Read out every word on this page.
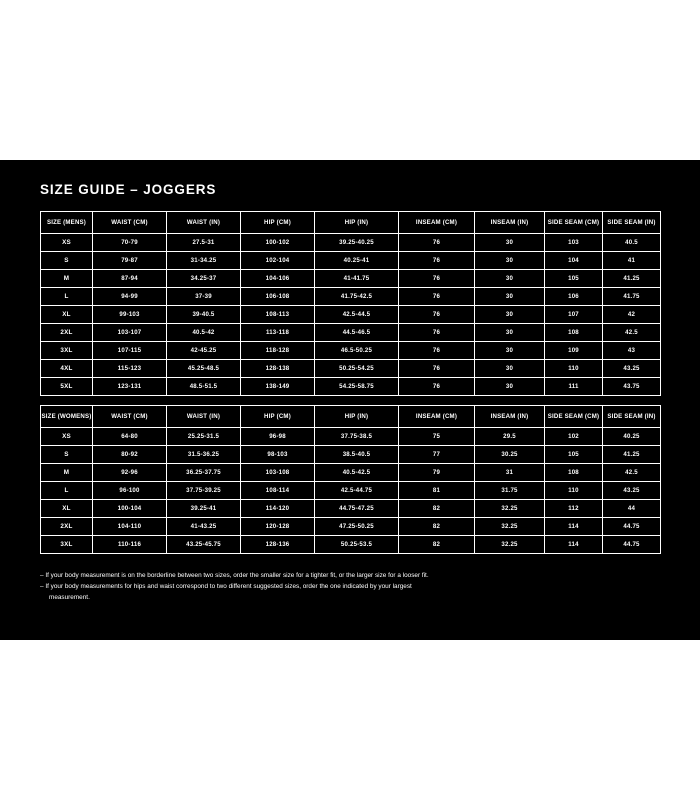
SIZE GUIDE – JOGGERS
SIZE (MENS)	WAIST (CM)	WAIST (IN)	HIP (CM)	HIP (IN)	INSEAM (CM)	INSEAM (IN)	SIDE SEAM (CM)	SIDE SEAM (IN)
XS	70-79	27.5-31	100-102	39.25-40.25	76	30	103	40.5
S	79-87	31-34.25	102-104	40.25-41	76	30	104	41
M	87-94	34.25-37	104-106	41-41.75	76	30	105	41.25
L	94-99	37-39	106-108	41.75-42.5	76	30	106	41.75
XL	99-103	39-40.5	108-113	42.5-44.5	76	30	107	42
2XL	103-107	40.5-42	113-118	44.5-46.5	76	30	108	42.5
3XL	107-115	42-45.25	118-128	46.5-50.25	76	30	109	43
4XL	115-123	45.25-48.5	128-138	50.25-54.25	76	30	110	43.25
5XL	123-131	48.5-51.5	138-149	54.25-58.75	76	30	111	43.75
SIZE (WOMENS)	WAIST (CM)	WAIST (IN)	HIP (CM)	HIP (IN)	INSEAM (CM)	INSEAM (IN)	SIDE SEAM (CM)	SIDE SEAM (IN)
XS	64-80	25.25-31.5	96-98	37.75-38.5	75	29.5	102	40.25
S	80-92	31.5-36.25	98-103	38.5-40.5	77	30.25	105	41.25
M	92-96	36.25-37.75	103-108	40.5-42.5	79	31	108	42.5
L	96-100	37.75-39.25	108-114	42.5-44.75	81	31.75	110	43.25
XL	100-104	39.25-41	114-120	44.75-47.25	82	32.25	112	44
2XL	104-110	41-43.25	120-128	47.25-50.25	82	32.25	114	44.75
3XL	110-116	43.25-45.75	128-136	50.25-53.5	82	32.25	114	44.75
– If your body measurement is on the borderline between two sizes, order the smaller size for a tighter fit, or the larger size for a looser fit.
– If your body measurements for hips and waist correspond to two different suggested sizes, order the one indicated by your largest
measurement.
